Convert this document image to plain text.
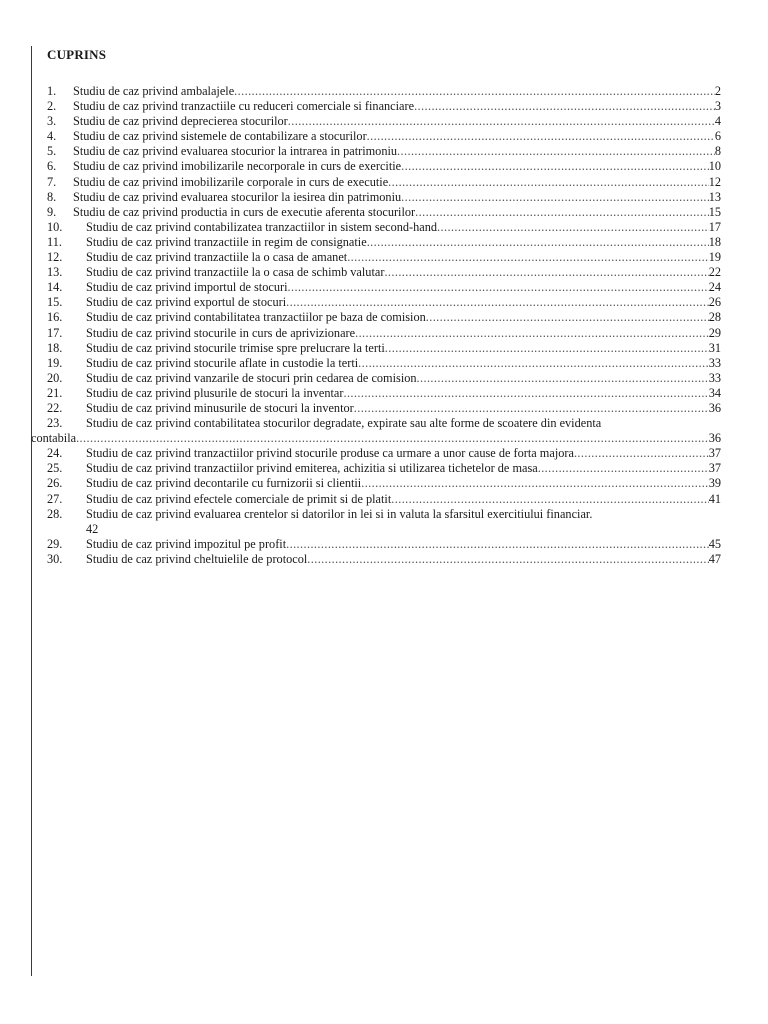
CUPRINS
1.	Studiu de caz privind ambalajele .....	2
2.	Studiu de caz privind tranzactiile cu reduceri comerciale si financiare .....	3
3.	Studiu de caz privind deprecierea stocurilor .....	4
4.	Studiu de caz privind sistemele de contabilizare a stocurilor .....	6
5.	Studiu de caz privind evaluarea stocurior la intrarea in patrimoniu .....	8
6.	Studiu de caz privind imobilizarile necorporale in curs de exercitie .....	10
7.	Studiu de caz privind imobilizarile corporale in curs de executie .....	12
8.	Studiu de caz privind evaluarea stocurilor la iesirea din patrimoniu .....	13
9.	Studiu de caz privind productia in curs de executie aferenta stocurilor .....	15
10.	Studiu de caz privind contabilizatea tranzactiilor in sistem second-hand .....	17
11.	Studiu de caz privind tranzactiile in regim de consignatie .....	18
12.	Studiu de caz privind tranzactiile la o casa de amanet .....	19
13.	Studiu de caz privind tranzactiile la o casa de schimb valutar .....	22
14.	Studiu de caz privind importul de stocuri .....	24
15.	Studiu de caz privind exportul de stocuri .....	26
16.	Studiu de caz privind contabilitatea tranzactiilor pe baza de comision .....	28
17.	Studiu de caz privind stocurile in curs de aprivizionare .....	29
18.	Studiu de caz privind stocurile trimise spre prelucrare la terti .....	31
19.	Studiu de caz privind stocurile aflate in custodie la terti .....	33
20.	Studiu de caz privind vanzarile de stocuri prin cedarea de comision .....	33
21.	Studiu de caz privind plusurile de stocuri la inventar .....	34
22.	Studiu de caz privind minusurile de stocuri la inventor .....	36
23.	Studiu de caz privind contabilitatea stocurilor degradate, expirate sau alte forme de scoatere din evidenta
contabila .....	36
24.	Studiu de caz privind tranzactiilor privind stocurile produse ca urmare a unor cause de forta majora .....	37
25.	Studiu de caz privind tranzactiilor privind emiterea, achizitia si utilizarea tichetelor de masa .....	37
26.	Studiu de caz privind decontarile cu furnizorii si clientii .....	39
27.	Studiu de caz privind efectele comerciale de primit si de platit .....	41
28.	Studiu de caz privind evaluarea crentelor si datorilor in lei si in valuta la sfarsitul exercitiului financiar.
42
29.	Studiu de caz privind impozitul pe profit .....	45
30.	Studiu de caz privind cheltuielile de protocol .....	47
